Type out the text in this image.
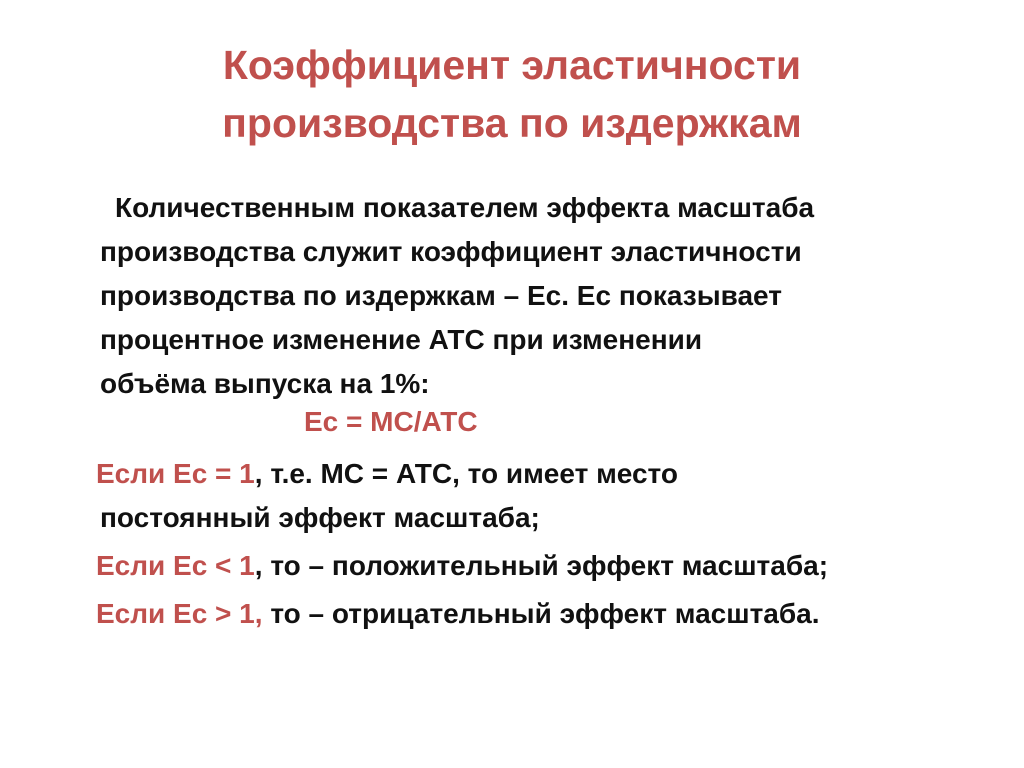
Коэффициент эластичности
производства по издержкам
Количественным показателем эффекта масштаба
производства служит коэффициент эластичности
производства по издержкам – Ес. Ес показывает
процентное изменение АТС при изменении
объёма выпуска на 1%:
Ес = МС/АТС
Если Ес = 1, т.е. МС = АТС, то имеет место
постоянный эффект масштаба;
Если Ес < 1, то – положительный эффект масштаба;
Если Ес > 1, то – отрицательный эффект масштаба.
